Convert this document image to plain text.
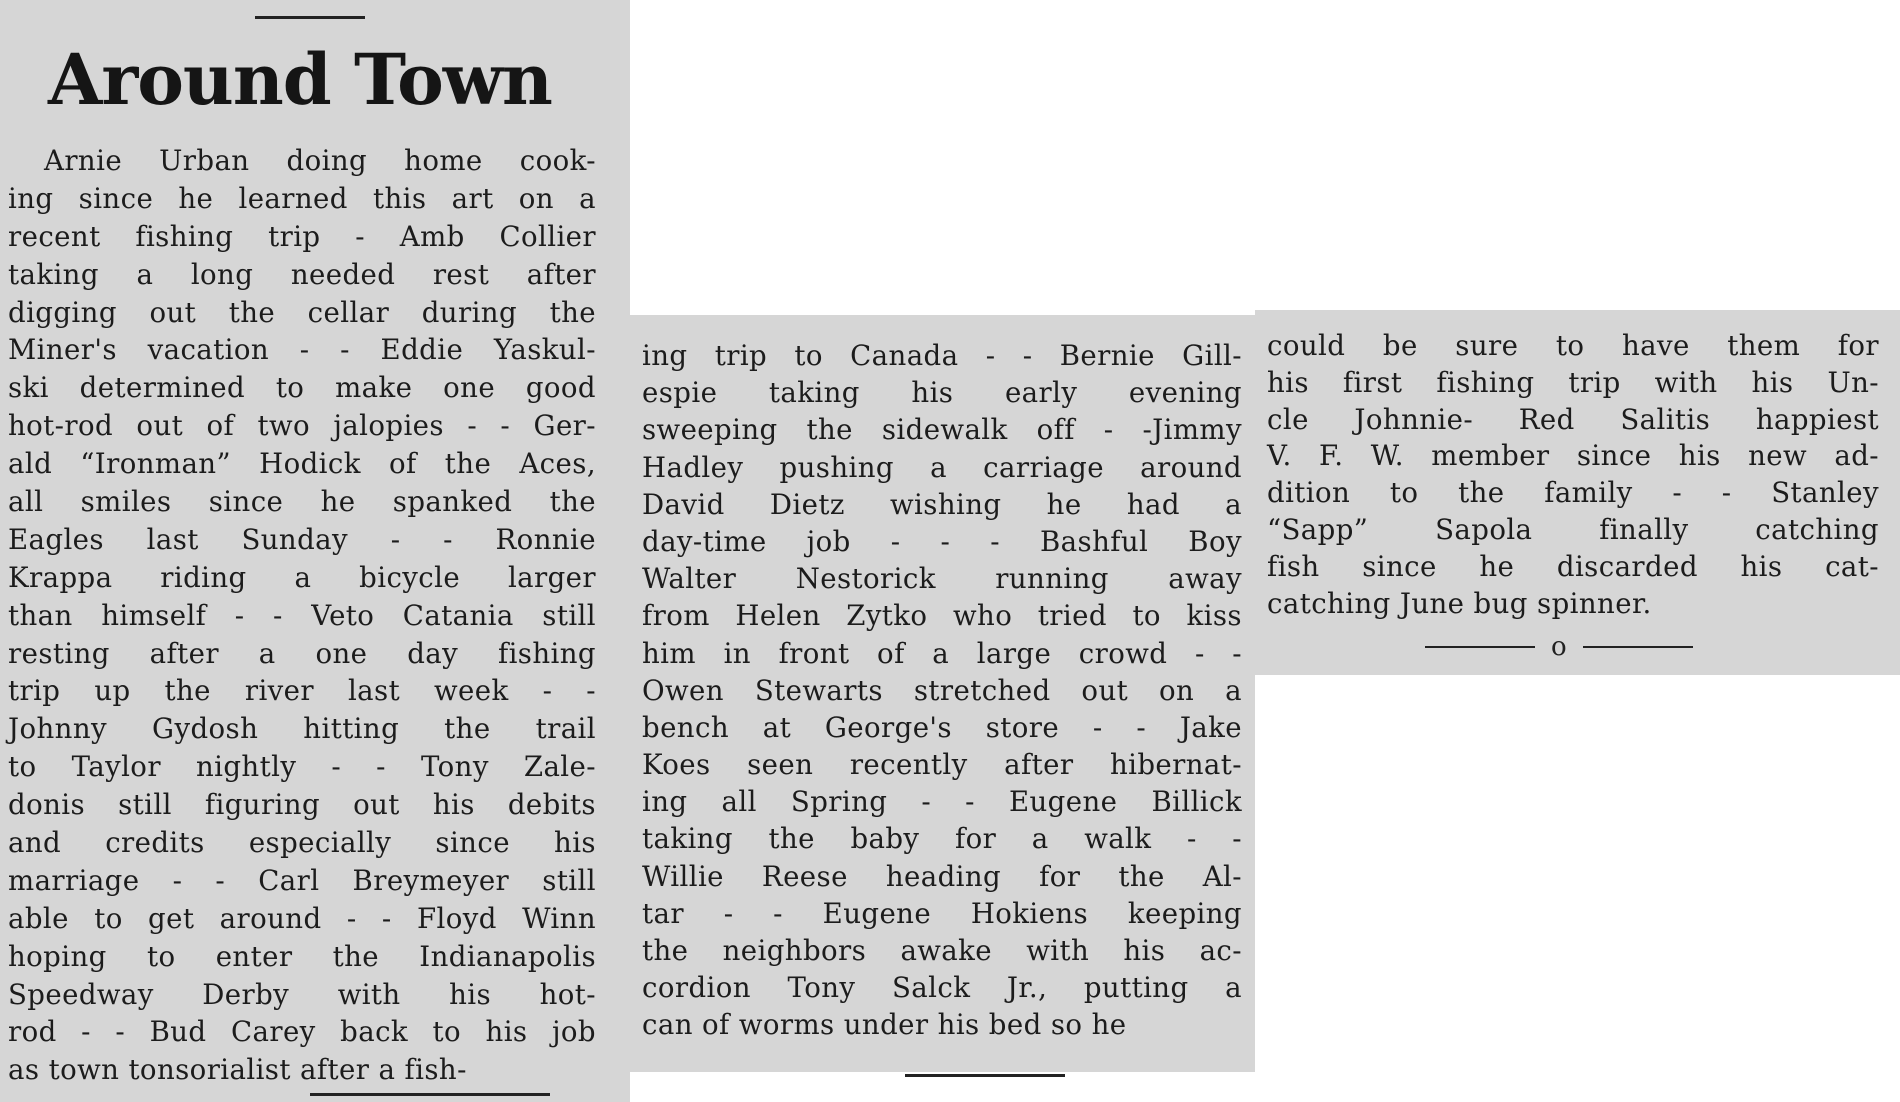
Around Town
Arnie Urban doing home cook-
ing since he learned this art on a
recent fishing trip - Amb Collier
taking a long needed rest after
digging out the cellar during the
Miner's vacation - - Eddie Yaskul-
ski determined to make one good
hot-rod out of two jalopies - - Ger-
ald “Ironman” Hodick of the Aces,
all smiles since he spanked the
Eagles last Sunday - - Ronnie
Krappa riding a bicycle larger
than himself - - Veto Catania still
resting after a one day fishing
trip up the river last week - -
Johnny Gydosh hitting the trail
to Taylor nightly - - Tony Zale-
donis still figuring out his debits
and credits especially since his
marriage - - Carl Breymeyer still
able to get around - - Floyd Winn
hoping to enter the Indianapolis
Speedway Derby with his hot-
rod - - Bud Carey back to his job
as town tonsorialist after a fish-
ing trip to Canada - - Bernie Gill-
espie taking his early evening
sweeping the sidewalk off - -Jimmy
Hadley pushing a carriage around
David Dietz wishing he had a
day-time job - - - Bashful Boy
Walter Nestorick running away
from Helen Zytko who tried to kiss
him in front of a large crowd - -
Owen Stewarts stretched out on a
bench at George's store - - Jake
Koes seen recently after hibernat-
ing all Spring - - Eugene Billick
taking the baby for a walk - -
Willie Reese heading for the Al-
tar - - Eugene Hokiens keeping
the neighbors awake with his ac-
cordion Tony Salck Jr., putting a
can of worms under his bed so he
could be sure to have them for
his first fishing trip with his Un-
cle Johnnie- Red Salitis happiest
V. F. W. member since his new ad-
dition to the family - - Stanley
“Sapp” Sapola finally catching
fish since he discarded his cat-
catching June bug spinner.
o
